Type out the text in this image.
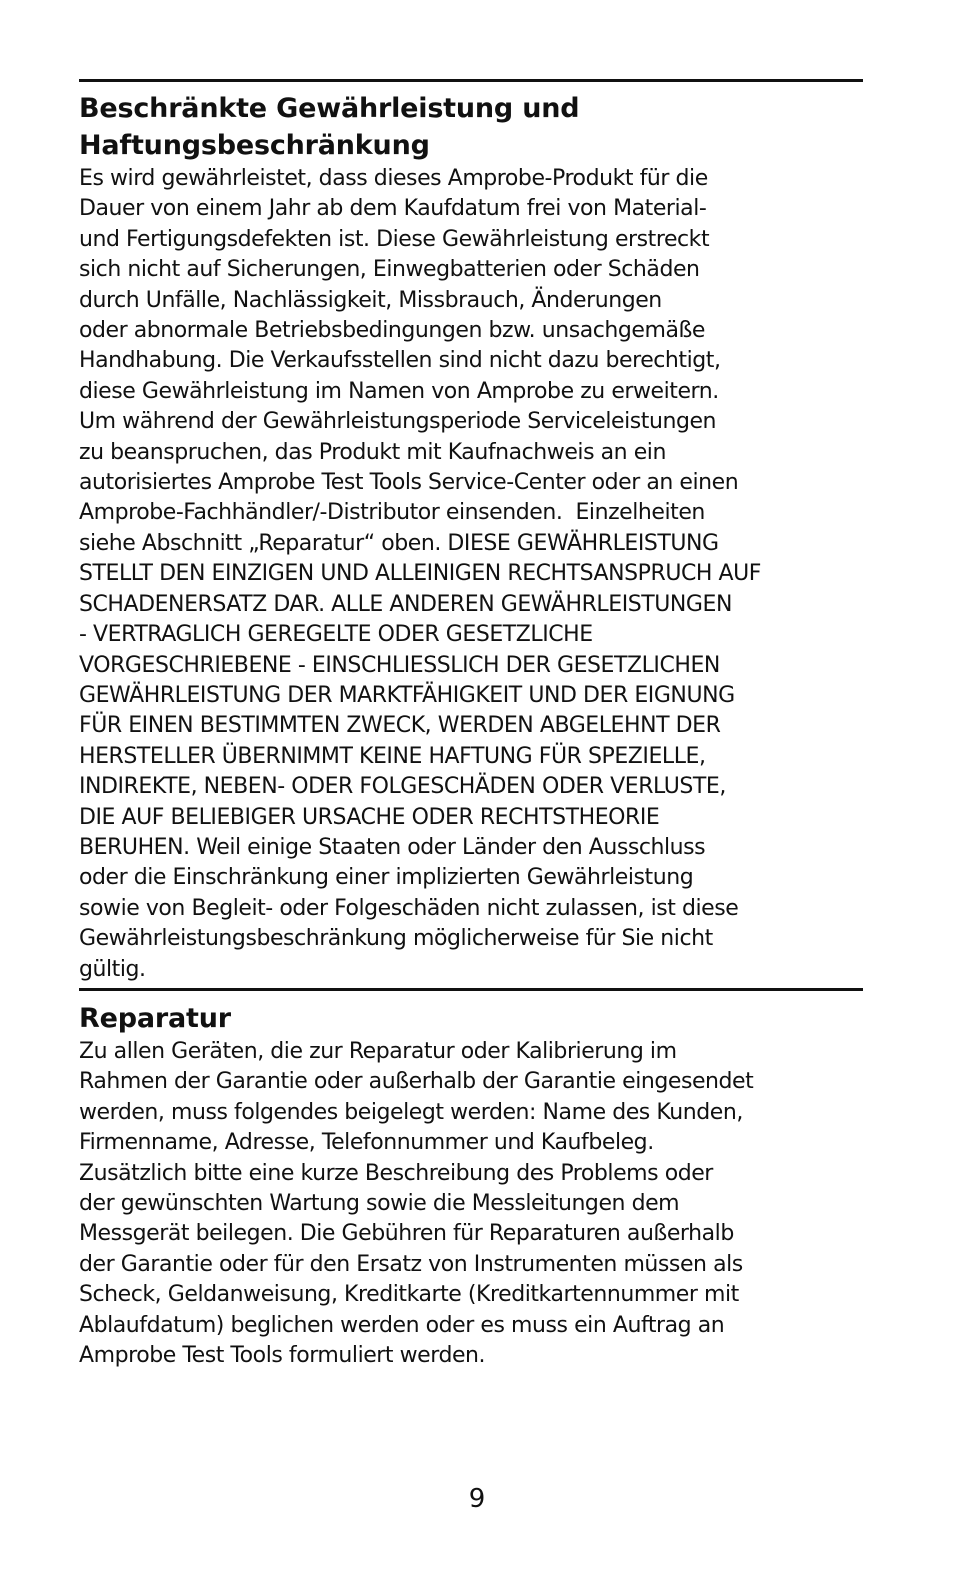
Beschränkte Gewährleistung und
Haftungsbeschränkung
Es wird gewährleistet, dass dieses Amprobe-Produkt für die
Dauer von einem Jahr ab dem Kaufdatum frei von Material-
und Fertigungsdefekten ist. Diese Gewährleistung erstreckt
sich nicht auf Sicherungen, Einwegbatterien oder Schäden
durch Unfälle, Nachlässigkeit, Missbrauch, Änderungen
oder abnormale Betriebsbedingungen bzw. unsachgemäße
Handhabung. Die Verkaufsstellen sind nicht dazu berechtigt,
diese Gewährleistung im Namen von Amprobe zu erweitern.
Um während der Gewährleistungsperiode Serviceleistungen
zu beanspruchen, das Produkt mit Kaufnachweis an ein
autorisiertes Amprobe Test Tools Service-Center oder an einen
Amprobe-Fachhändler/-Distributor einsenden.  Einzelheiten
siehe Abschnitt „Reparatur“ oben. DIESE GEWÄHRLEISTUNG
STELLT DEN EINZIGEN UND ALLEINIGEN RECHTSANSPRUCH AUF
SCHADENERSATZ DAR. ALLE ANDEREN GEWÄHRLEISTUNGEN
- VERTRAGLICH GEREGELTE ODER GESETZLICHE
VORGESCHRIEBENE - EINSCHLIESSLICH DER GESETZLICHEN
GEWÄHRLEISTUNG DER MARKTFÄHIGKEIT UND DER EIGNUNG
FÜR EINEN BESTIMMTEN ZWECK, WERDEN ABGELEHNT DER
HERSTELLER ÜBERNIMMT KEINE HAFTUNG FÜR SPEZIELLE,
INDIREKTE, NEBEN- ODER FOLGESCHÄDEN ODER VERLUSTE,
DIE AUF BELIEBIGER URSACHE ODER RECHTSTHEORIE
BERUHEN. Weil einige Staaten oder Länder den Ausschluss
oder die Einschränkung einer implizierten Gewährleistung
sowie von Begleit- oder Folgeschäden nicht zulassen, ist diese
Gewährleistungsbeschränkung möglicherweise für Sie nicht
gültig.
Reparatur
Zu allen Geräten, die zur Reparatur oder Kalibrierung im
Rahmen der Garantie oder außerhalb der Garantie eingesendet
werden, muss folgendes beigelegt werden: Name des Kunden,
Firmenname, Adresse, Telefonnummer und Kaufbeleg.
Zusätzlich bitte eine kurze Beschreibung des Problems oder
der gewünschten Wartung sowie die Messleitungen dem
Messgerät beilegen. Die Gebühren für Reparaturen außerhalb
der Garantie oder für den Ersatz von Instrumenten müssen als
Scheck, Geldanweisung, Kreditkarte (Kreditkartennummer mit
Ablaufdatum) beglichen werden oder es muss ein Auftrag an
Amprobe Test Tools formuliert werden.
9
